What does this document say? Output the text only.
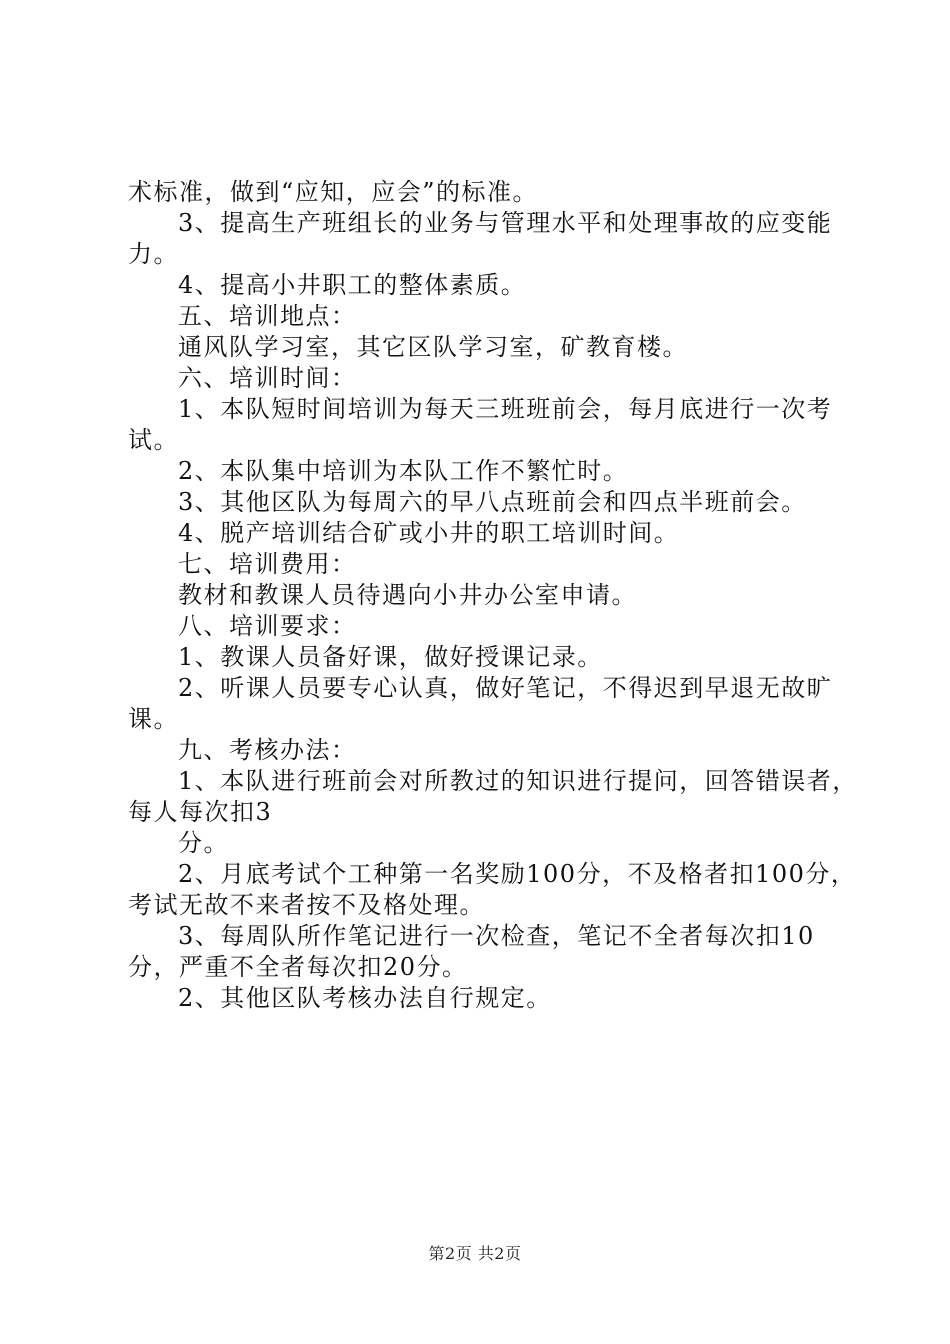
术标准，做到“应知，应会”的标准。
3、提高生产班组长的业务与管理水平和处理事故的应变能
力。
4、提高小井职工的整体素质。
五、培训地点：
通风队学习室，其它区队学习室，矿教育楼。
六、培训时间：
1、本队短时间培训为每天三班班前会，每月底进行一次考
试。
2、本队集中培训为本队工作不繁忙时。
3、其他区队为每周六的早八点班前会和四点半班前会。
4、脱产培训结合矿或小井的职工培训时间。
七、培训费用：
教材和教课人员待遇向小井办公室申请。
八、培训要求：
1、教课人员备好课，做好授课记录。
2、听课人员要专心认真，做好笔记，不得迟到早退无故旷
课。
九、考核办法：
1、本队进行班前会对所教过的知识进行提问，回答错误者，
每人每次扣3
分。
2、月底考试个工种第一名奖励100分，不及格者扣100分，
考试无故不来者按不及格处理。
3、每周队所作笔记进行一次检查，笔记不全者每次扣10
分，严重不全者每次扣20分。
2、其他区队考核办法自行规定。
第2页 共2页
